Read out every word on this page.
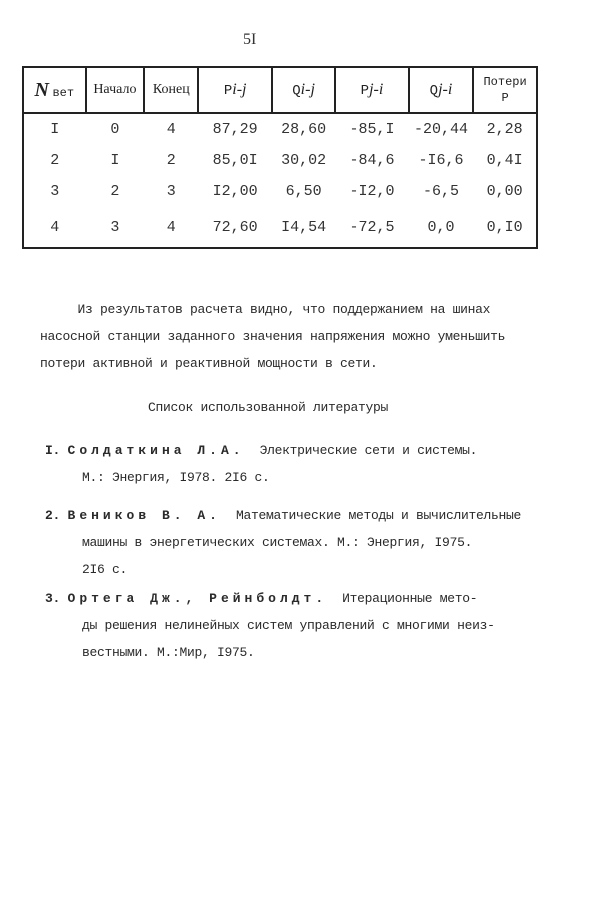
5I
N вет	Начало	Конец	Pi-j	Qi-j	Pj-i	Qj-i	Потери
P

I	0	4	87,29	28,60	-85,I	-20,44	2,28
2	I	2	85,0I	30,02	-84,6	-I6,6	0,4I
3	2	3	I2,00	6,50	-I2,0	-6,5	0,00
4	3	4	72,60	I4,54	-72,5	0,0	0,I0
Из результатов расчета видно, что поддержанием на шинах
насосной станции заданного значения напряжения можно уменьшить
потери активной и реактивной мощности в сети.
Список использованной литературы
I. Солдаткина Л.А.  Электрические сети и системы.
М.: Энергия, I978. 2I6 с.
2. Веников В. А.  Математические методы и вычислительные
машины в энергетических системах. М.: Энергия, I975.
2I6 с.
3. Ортега Дж., Рейнболдт.  Итерационные мето-
ды решения нелинейных систем управлений с многими неиз-
вестными. М.:Мир, I975.
